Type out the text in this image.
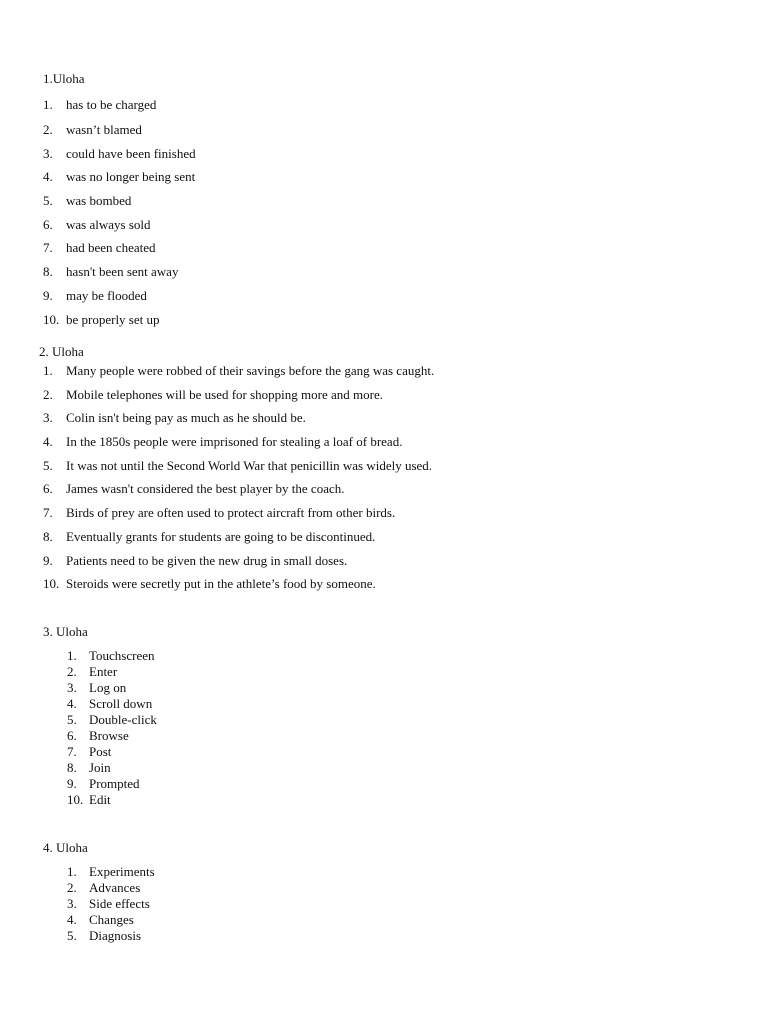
1.Uloha
1. has to be charged
2. wasn’t blamed
3. could have been finished
4. was no longer being sent
5. was bombed
6. was always sold
7. had been cheated
8. hasn't been sent away
9. may be flooded
10. be properly set up
2. Uloha
1. Many people were robbed of their savings before the gang was caught.
2. Mobile telephones will be used for shopping more and more.
3. Colin isn't being pay as much as he should be.
4. In the 1850s people were imprisoned for stealing a loaf of bread.
5. It was not until the Second World War that penicillin was widely used.
6. James wasn't considered the best player by the coach.
7. Birds of prey are often used to protect aircraft from other birds.
8. Eventually grants for students are going to be discontinued.
9. Patients need to be given the new drug in small doses.
10. Steroids were secretly put in the athlete’s food by someone.
3. Uloha
1. Touchscreen
2. Enter
3. Log on
4. Scroll down
5. Double-click
6. Browse
7. Post
8. Join
9. Prompted
10. Edit
4. Uloha
1. Experiments
2. Advances
3. Side effects
4. Changes
5. Diagnosis
